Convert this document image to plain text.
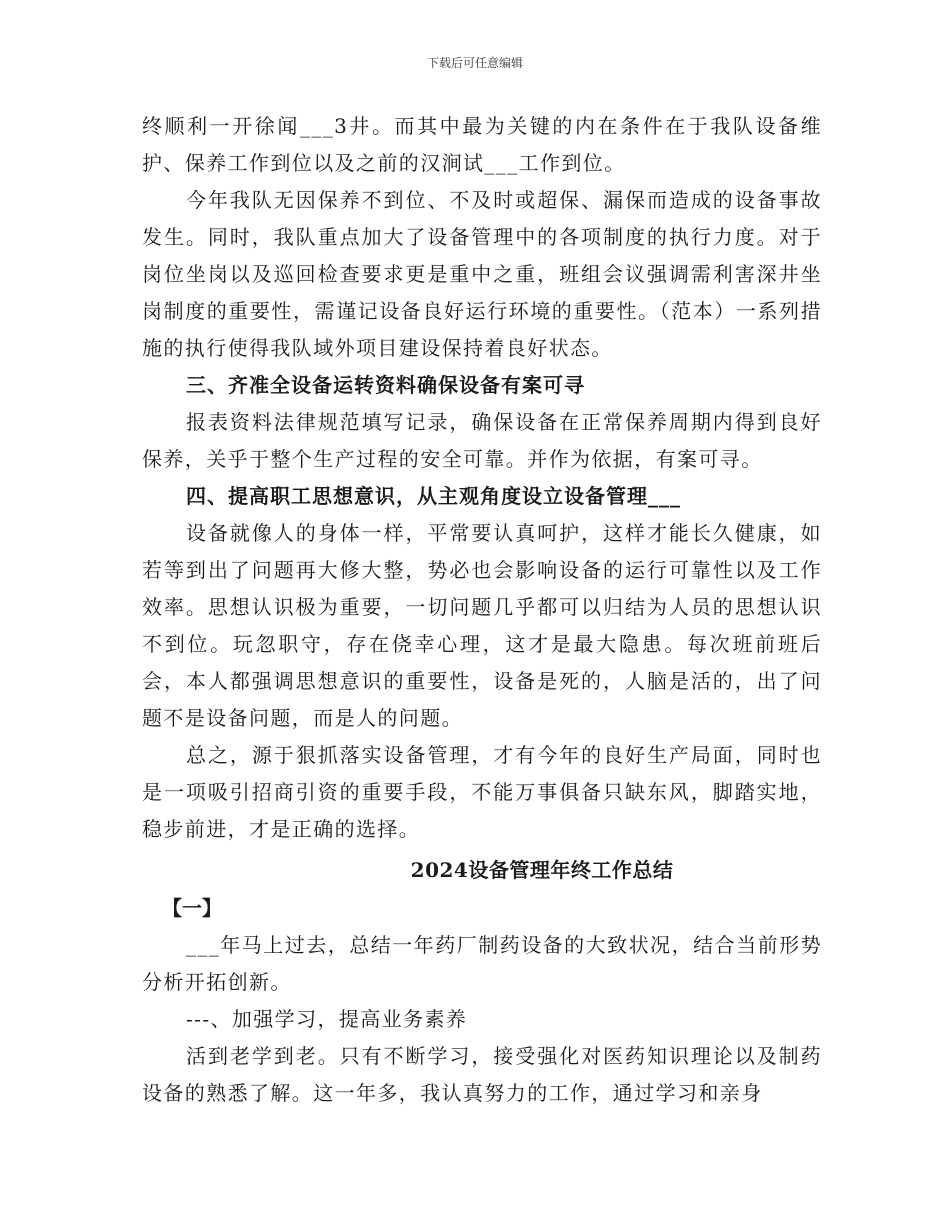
下载后可任意编辑

终顺利一开徐闻___3井。而其中最为关键的内在条件在于我队设备维护、保养工作到位以及之前的汉涧试___工作到位。

今年我队无因保养不到位、不及时或超保、漏保而造成的设备事故发生。同时，我队重点加大了设备管理中的各项制度的执行力度。对于岗位坐岗以及巡回检查要求更是重中之重，班组会议强调需利害深井坐岗制度的重要性，需谨记设备良好运行环境的重要性。（范本）一系列措施的执行使得我队域外项目建设保持着良好状态。

三、齐准全设备运转资料确保设备有案可寻

报表资料法律规范填写记录，确保设备在正常保养周期内得到良好保养，关乎于整个生产过程的安全可靠。并作为依据，有案可寻。

四、提高职工思想意识，从主观角度设立设备管理___

设备就像人的身体一样，平常要认真呵护，这样才能长久健康，如若等到出了问题再大修大整，势必也会影响设备的运行可靠性以及工作效率。思想认识极为重要，一切问题几乎都可以归结为人员的思想认识不到位。玩忽职守，存在侥幸心理，这才是最大隐患。每次班前班后会，本人都强调思想意识的重要性，设备是死的，人脑是活的，出了问题不是设备问题，而是人的问题。

总之，源于狠抓落实设备管理，才有今年的良好生产局面，同时也是一项吸引招商引资的重要手段，不能万事俱备只缺东风，脚踏实地，稳步前进，才是正确的选择。

2024设备管理年终工作总结

【一】

___年马上过去，总结一年药厂制药设备的大致状况，结合当前形势分析开拓创新。

---、加强学习，提高业务素养

活到老学到老。只有不断学习，接受强化对医药知识理论以及制药设备的熟悉了解。这一年多，我认真努力的工作，通过学习和亲身
